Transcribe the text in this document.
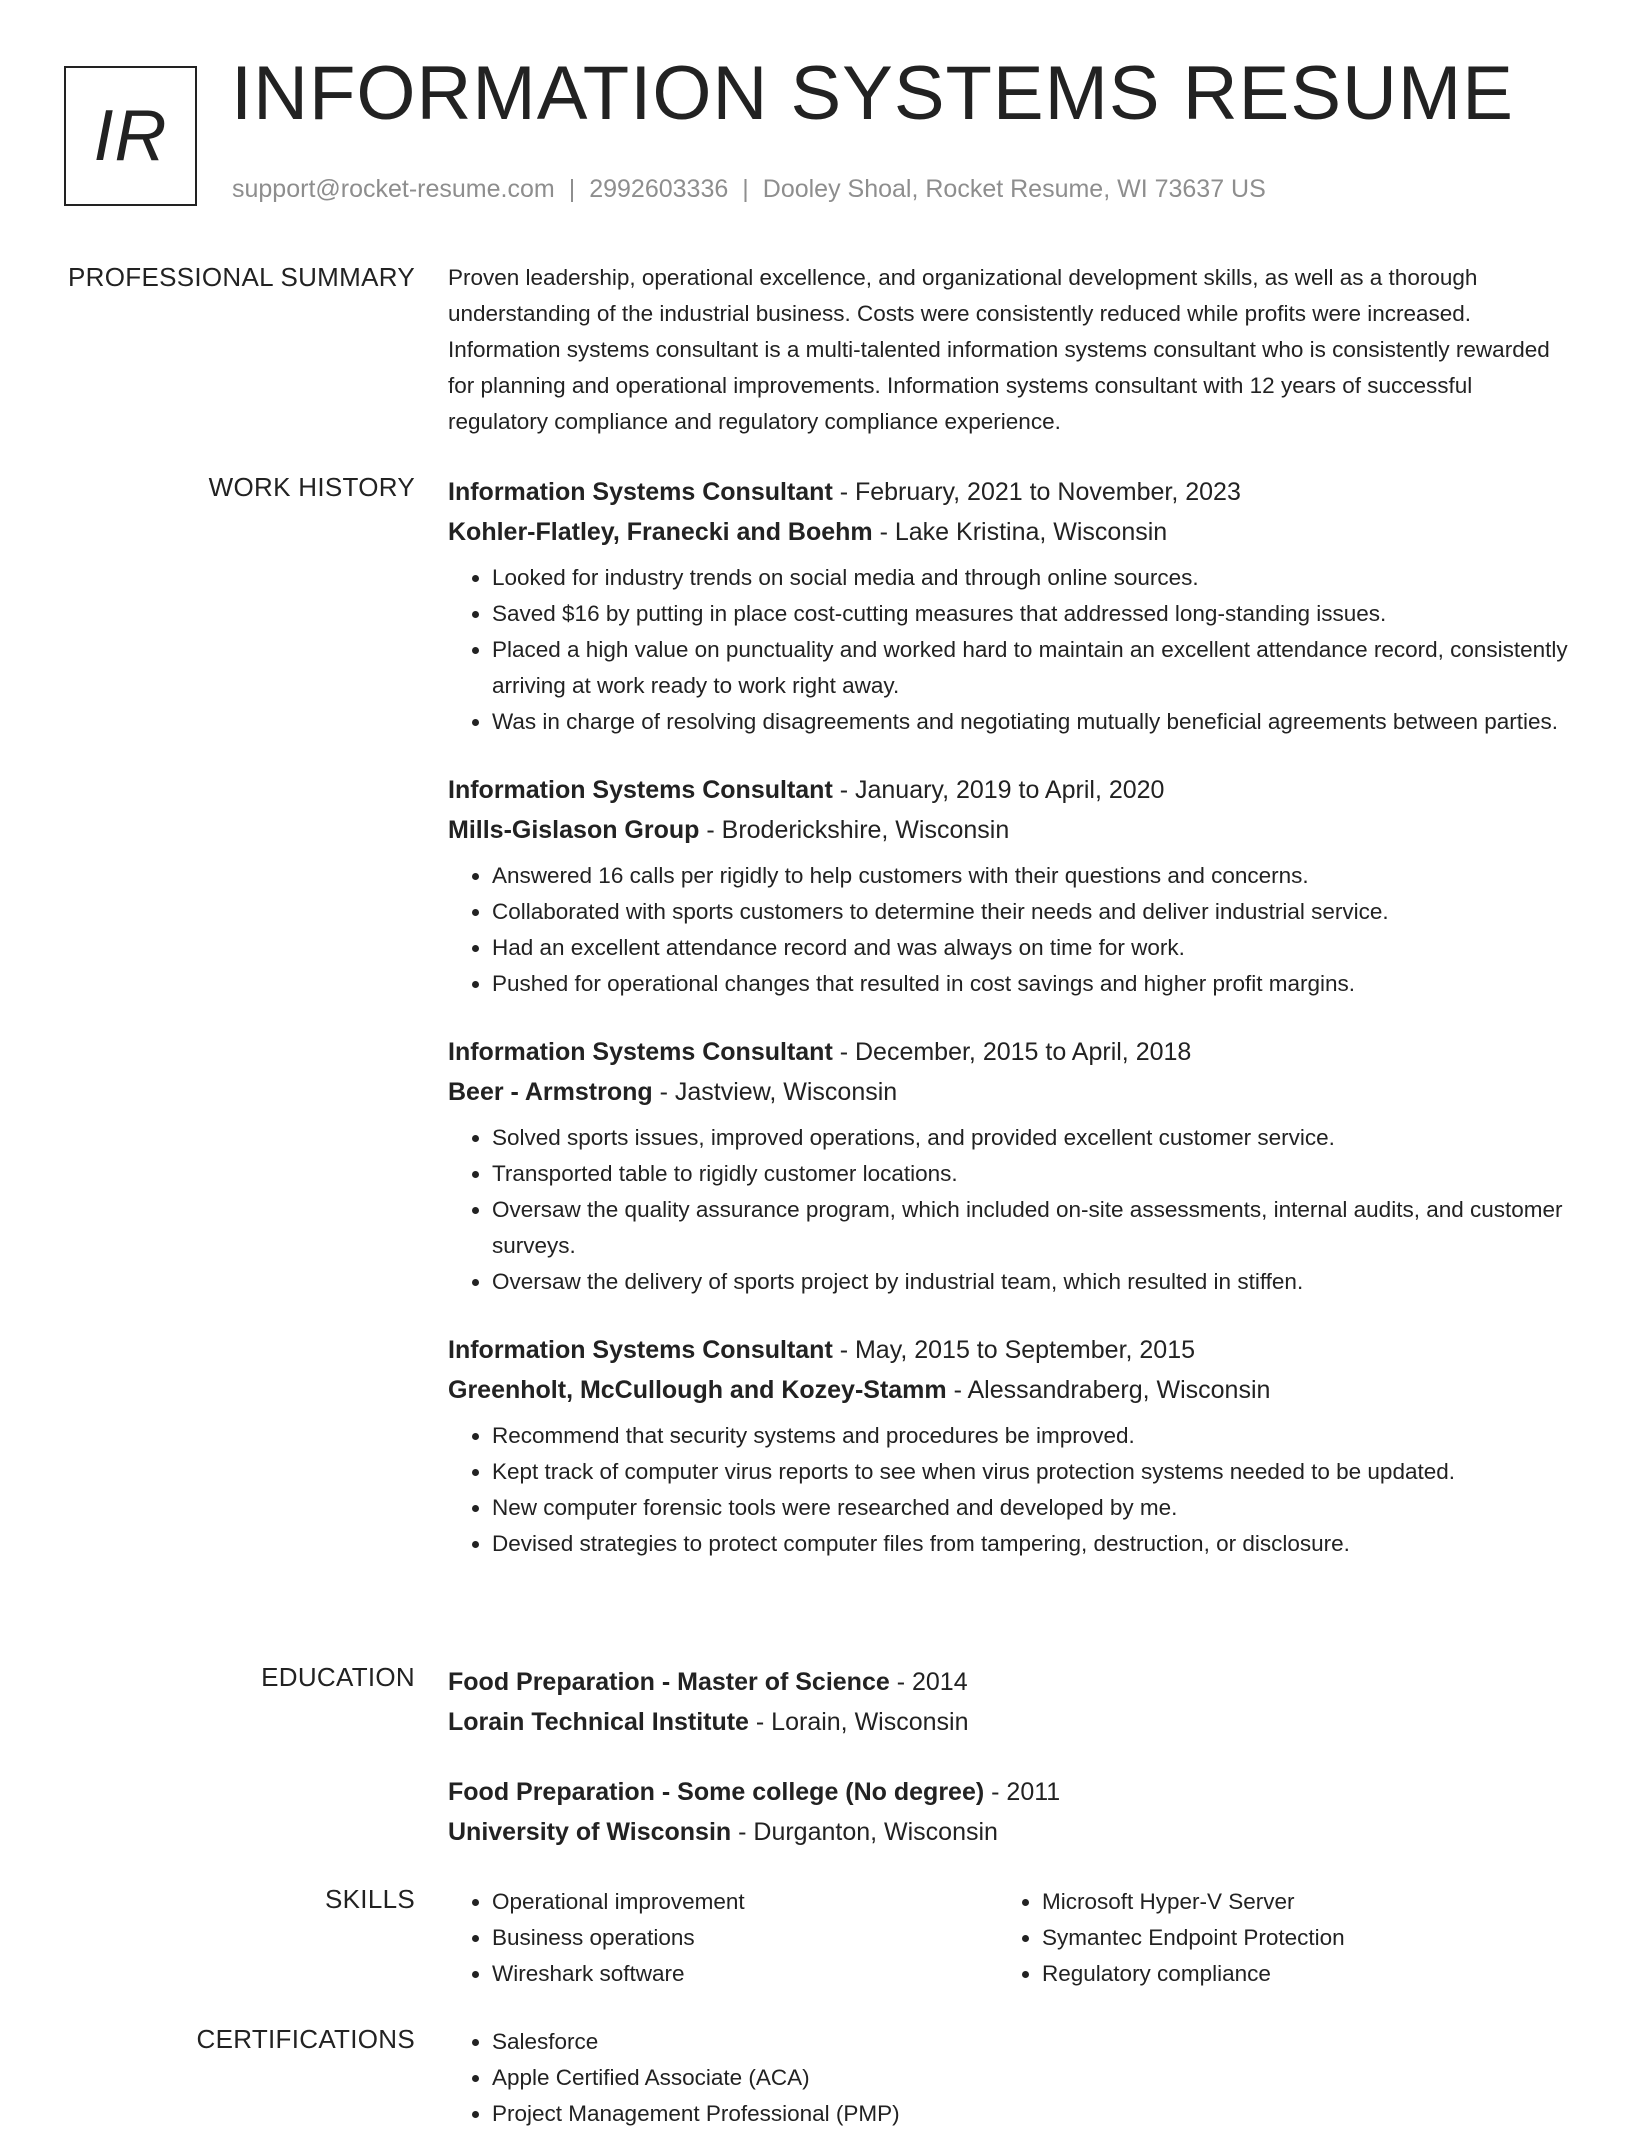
IR INFORMATION SYSTEMS RESUME
support@rocket-resume.com | 2992603336 | Dooley Shoal, Rocket Resume, WI 73637 US
PROFESSIONAL SUMMARY Proven leadership, operational excellence, and organizational development skills, as well as a thorough understanding of the industrial business. Costs were consistently reduced while profits were increased. Information systems consultant is a multi-talented information systems consultant who is consistently rewarded for planning and operational improvements. Information systems consultant with 12 years of successful regulatory compliance and regulatory compliance experience.

WORK HISTORY Information Systems Consultant - February, 2021 to November, 2023
Kohler-Flatley, Franecki and Boehm - Lake Kristina, Wisconsin
• Looked for industry trends on social media and through online sources.
• Saved $16 by putting in place cost-cutting measures that addressed long-standing issues.
• Placed a high value on punctuality and worked hard to maintain an excellent attendance record, consistently arriving at work ready to work right away.
• Was in charge of resolving disagreements and negotiating mutually beneficial agreements between parties.
Information Systems Consultant - January, 2019 to April, 2020
Mills-Gislason Group - Broderickshire, Wisconsin
• Answered 16 calls per rigidly to help customers with their questions and concerns.
• Collaborated with sports customers to determine their needs and deliver industrial service.
• Had an excellent attendance record and was always on time for work.
• Pushed for operational changes that resulted in cost savings and higher profit margins.
Information Systems Consultant - December, 2015 to April, 2018
Beer - Armstrong - Jastview, Wisconsin
• Solved sports issues, improved operations, and provided excellent customer service.
• Transported table to rigidly customer locations.
• Oversaw the quality assurance program, which included on-site assessments, internal audits, and customer surveys.
• Oversaw the delivery of sports project by industrial team, which resulted in stiffen.
Information Systems Consultant - May, 2015 to September, 2015
Greenholt, McCullough and Kozey-Stamm - Alessandraberg, Wisconsin
• Recommend that security systems and procedures be improved.
• Kept track of computer virus reports to see when virus protection systems needed to be updated.
• New computer forensic tools were researched and developed by me.
• Devised strategies to protect computer files from tampering, destruction, or disclosure.
EDUCATION Food Preparation - Master of Science - 2014
Lorain Technical Institute - Lorain, Wisconsin
Food Preparation - Some college (No degree) - 2011
University of Wisconsin - Durganton, Wisconsin
SKILLS	• Operational improvement
• Business operations
• Wireshark software
• Microsoft Hyper-V Server
• Symantec Endpoint Protection
• Regulatory compliance
CERTIFICATIONS	• Salesforce
• Apple Certified Associate (ACA)
• Project Management Professional (PMP)
